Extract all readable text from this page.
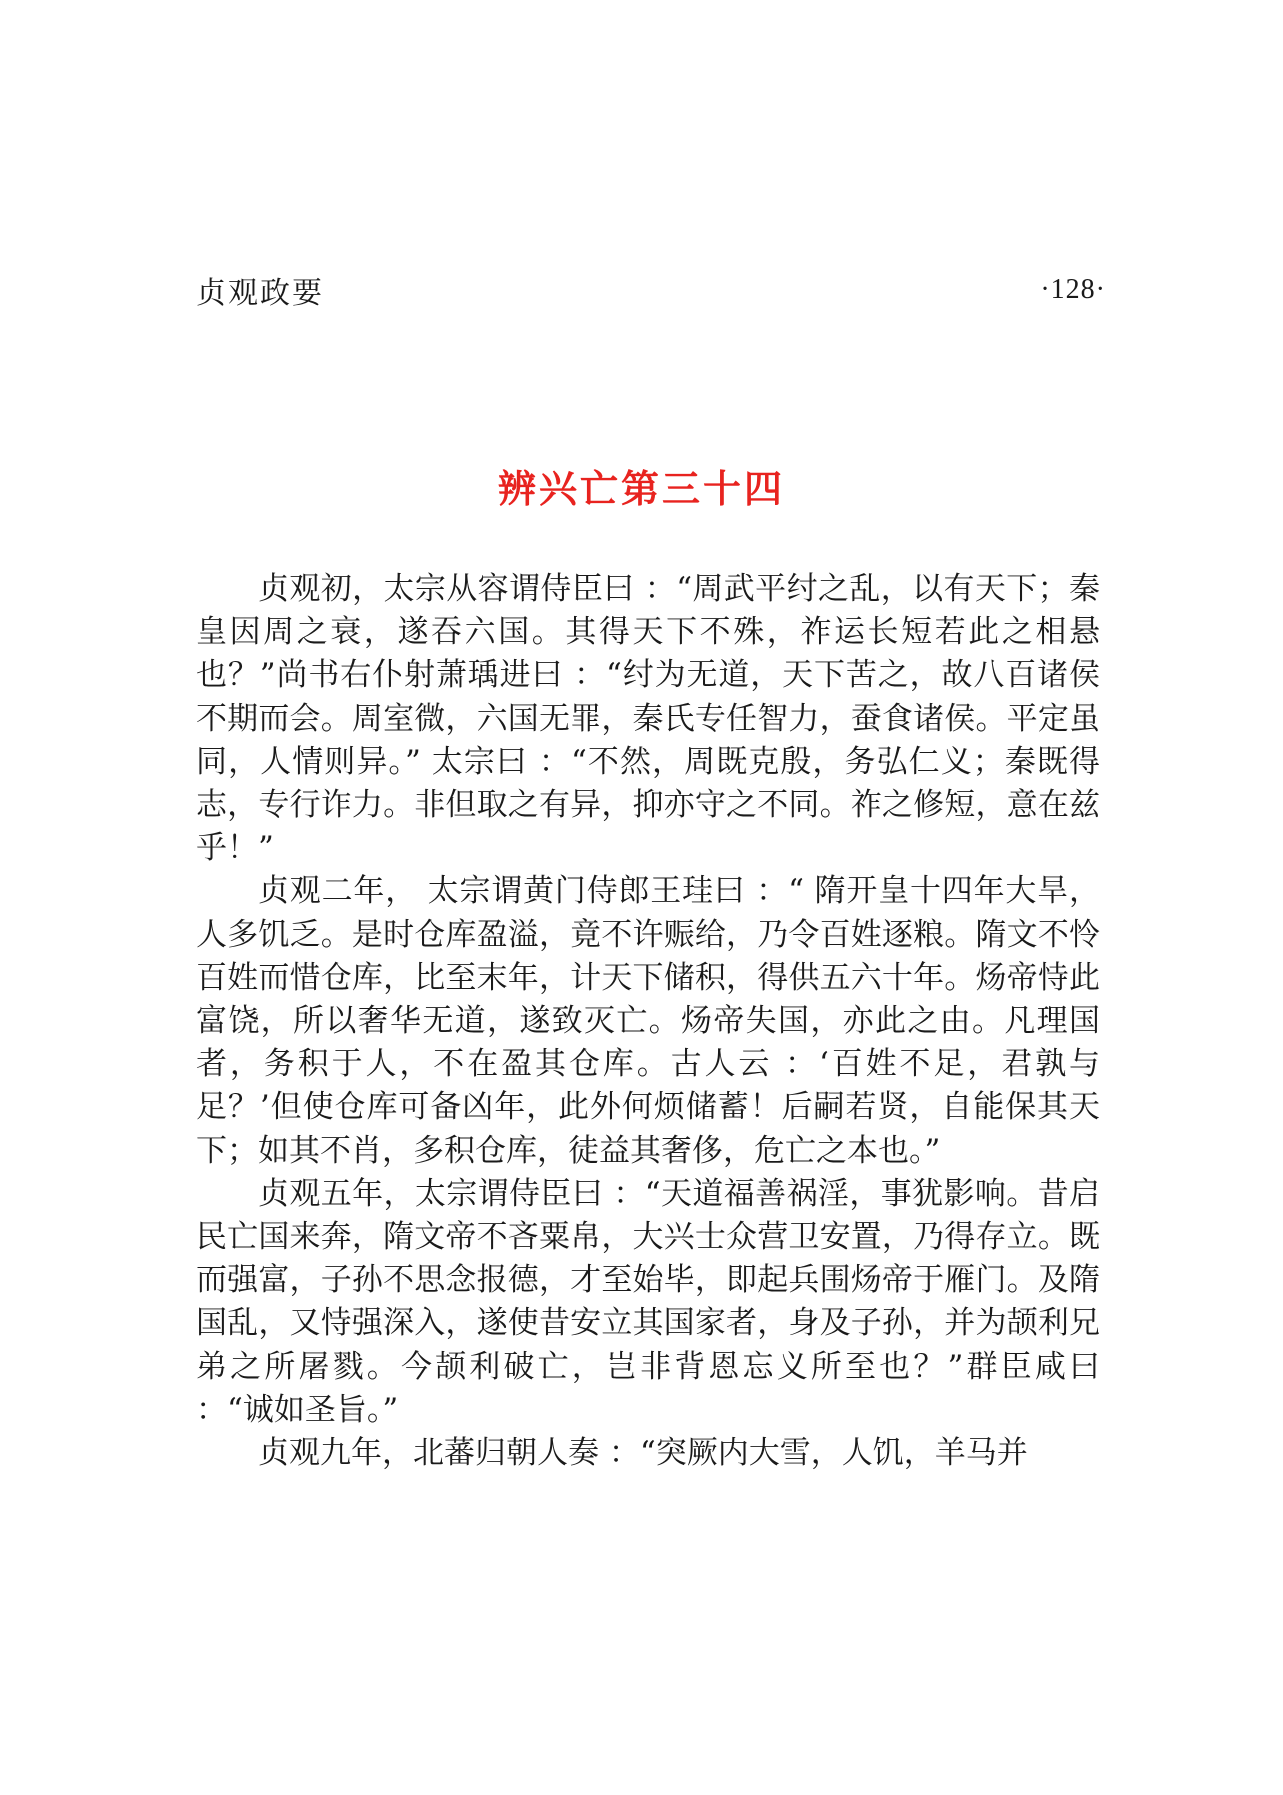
贞观政要	·128·
辨兴亡第三十四

贞观初，太宗从容谓侍臣曰 ：“周武平纣之乱，以有天下；秦皇因周之衰，遂吞六国。其得天下不殊，祚运长短若此之相悬也？”尚书右仆射萧瑀进曰 ：“纣为无道，天下苦之，故八百诸侯不期而会。周室微，六国无罪，秦氏专任智力，蚕食诸侯。平定虽同，人情则异。” 太宗曰 ：“不然，周既克殷，务弘仁义；秦既得志，专行诈力。非但取之有异，抑亦守之不同。祚之修短，意在兹乎！”

贞观二年， 太宗谓黄门侍郎王珪曰 ：“ 隋开皇十四年大旱，人多饥乏。是时仓库盈溢，竟不许赈给，乃令百姓逐粮。隋文不怜百姓而惜仓库，比至末年，计天下储积，得供五六十年。炀帝恃此富饶，所以奢华无道，遂致灭亡。炀帝失国，亦此之由。凡理国者，务积于人，不在盈其仓库。古人云 ：‘百姓不足，君孰与足？’但使仓库可备凶年，此外何烦储蓄！后嗣若贤，自能保其天下；如其不肖，多积仓库，徒益其奢侈，危亡之本也。”

贞观五年，太宗谓侍臣曰 ：“天道福善祸淫，事犹影响。昔启民亡国来奔，隋文帝不吝粟帛，大兴士众营卫安置，乃得存立。既而强富，子孙不思念报德，才至始毕，即起兵围炀帝于雁门。及隋国乱，又恃强深入，遂使昔安立其国家者，身及子孙，并为颉利兄弟之所屠戮。今颉利破亡，岂非背恩忘义所至也？”群臣咸曰 ：“诚如圣旨。”

贞观九年，北蕃归朝人奏 ：“突厥内大雪，人饥，羊马并
